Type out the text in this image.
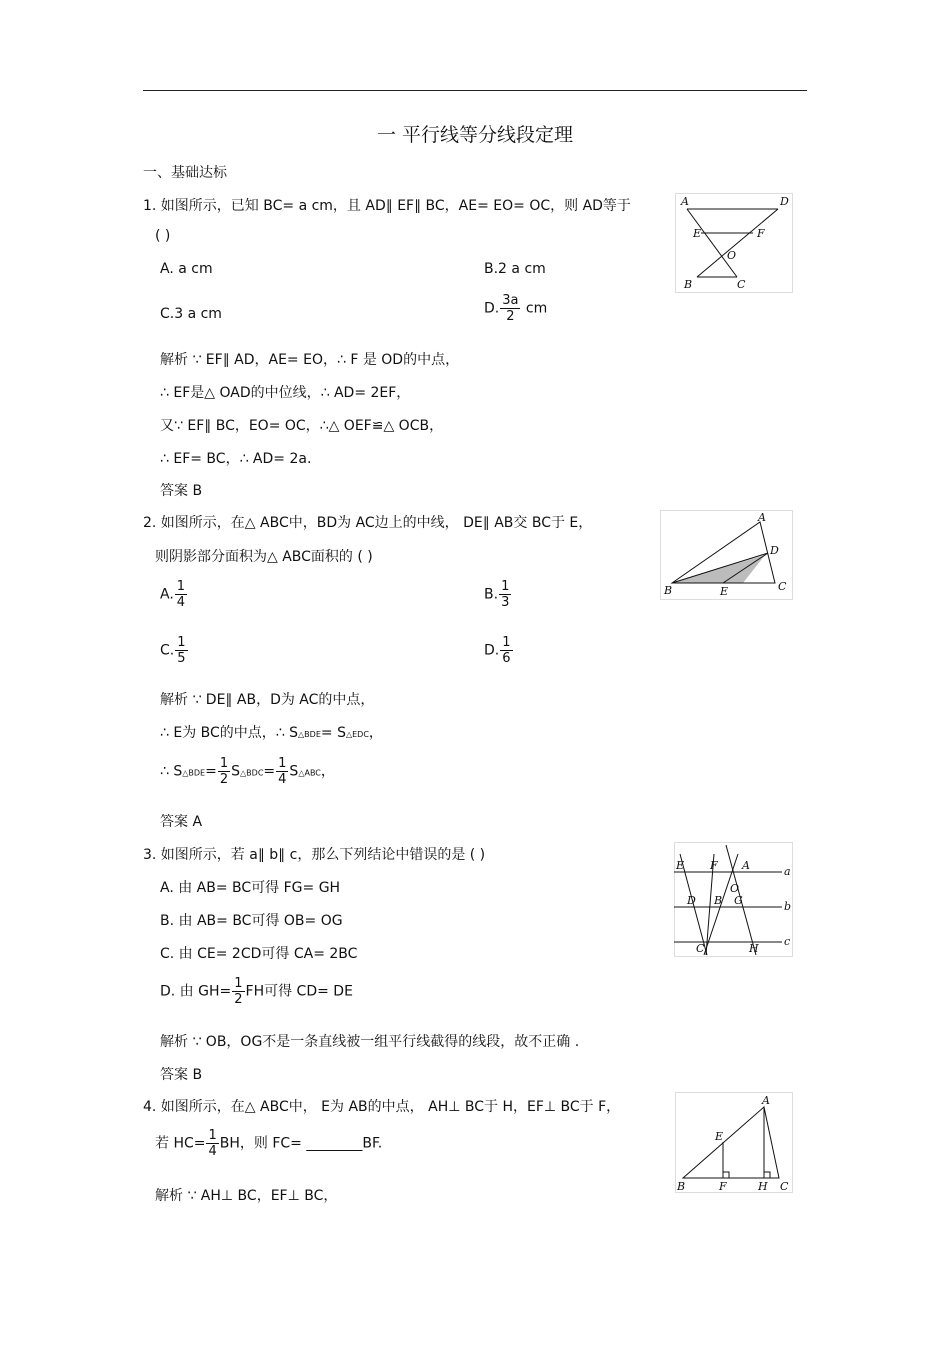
一 平行线等分线段定理
一、基础达标
1. 如图所示，已知 BC= a cm，且 AD∥ EF∥ BC，AE= EO= OC，则 AD等于
( )
A. a cm	B.2 a cm
C.3 a cm	D. $\frac{3a}{2}$ cm
解析 ∵ EF∥ AD，AE= EO，∴ F 是 OD的中点，
∴ EF是△ OAD的中位线，∴ AD= 2EF，
又∵ EF∥ BC，EO= OC，∴△ OEF≌△ OCB，
∴ EF= BC，∴ AD= 2a.
答案 B
A	D
E	F
O
B	C
2. 如图所示，在△ ABC中，BD为 AC边上的中线， DE∥ AB交 BC于 E，
则阴影部分面积为△ ABC面积的 ( )
A. $\frac{1}{4}$	B. $\frac{1}{3}$
C. $\frac{1}{5}$	D. $\frac{1}{6}$
解析 ∵ DE∥ AB，D为 AC的中点，
∴ E为 BC的中点，∴ S△BDE= S△EDC，
∴ S△BDE= $\frac{1}{2}$ S△BDC= $\frac{1}{4}$ S△ABC，
答案 A
A
D
B	E	C
3. 如图所示，若 a∥ b∥ c，那么下列结论中错误的是 ( )
A. 由 AB= BC可得 FG= GH
B. 由 AB= BC可得 OB= OG
C. 由 CE= 2CD可得 CA= 2BC
D. 由 $GH= \frac{1}{2}$ FH可得 CD= DE
解析 ∵ OB，OG不是一条直线被一组平行线截得的线段，故不正确 .
答案 B
E F A	a
O
D B G	b
C	H
c
4. 如图所示，在△ ABC中， E为 AB的中点， AH⊥ BC于 H，EF⊥ BC于 F，
若 $HC= \frac{1}{4}$ BH，则 FC= ________BF.
解析 ∵ AH⊥ BC，EF⊥ BC，
A
E
B	F	H C
